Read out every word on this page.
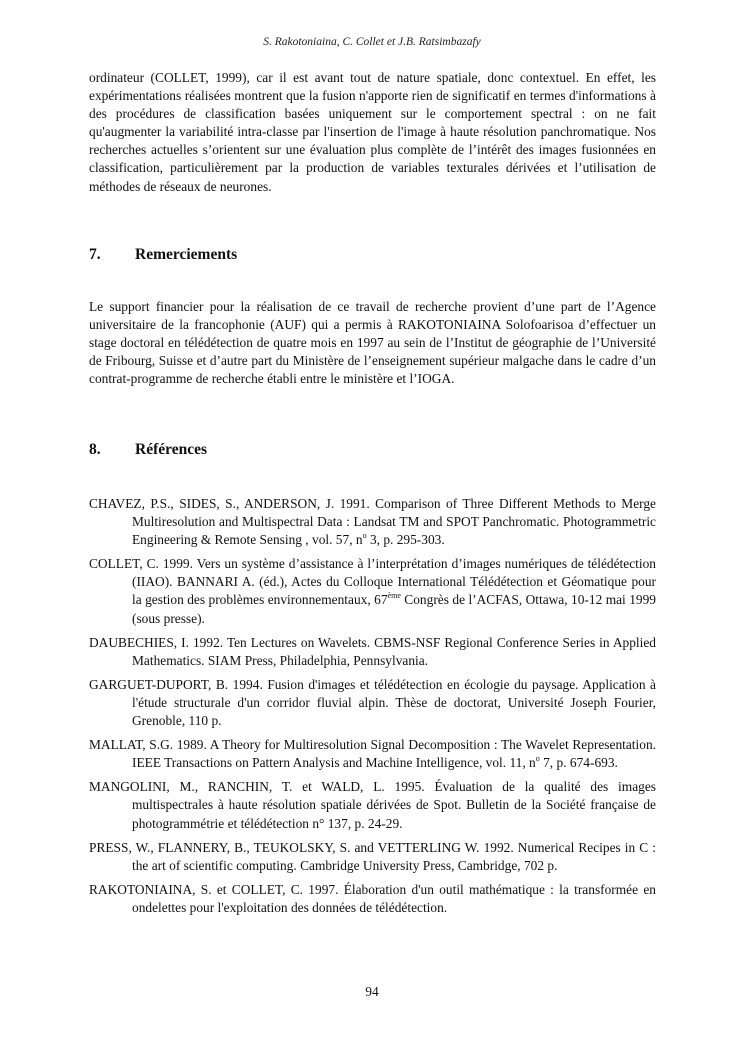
S. Rakotoniaina, C. Collet et J.B. Ratsimbazafy

ordinateur (COLLET, 1999), car il est avant tout de nature spatiale, donc contextuel. En effet, les expérimentations réalisées montrent que la fusion n'apporte rien de significatif en termes d'informations à des procédures de classification basées uniquement sur le comportement spectral : on ne fait qu'augmenter la variabilité intra-classe par l'insertion de l'image à haute résolution panchromatique. Nos recherches actuelles s’orientent sur une évaluation plus complète de l’intérêt des images fusionnées en classification, particulièrement par la production de variables texturales dérivées et l’utilisation de méthodes de réseaux de neurones.

7. Remerciements

Le support financier pour la réalisation de ce travail de recherche provient d’une part de l’Agence universitaire de la francophonie (AUF) qui a permis à RAKOTONIAINA Solofoarisoa d’effectuer un stage doctoral en télédétection de quatre mois en 1997 au sein de l’Institut de géographie de l’Université de Fribourg, Suisse et d’autre part du Ministère de l’enseignement supérieur malgache dans le cadre d’un contrat-programme de recherche établi entre le ministère et l’IOGA.

8. Références
CHAVEZ, P.S., SIDES, S., ANDERSON, J. 1991. Comparison of Three Different Methods to Merge Multiresolution and Multispectral Data : Landsat TM and SPOT Panchromatic. Photogrammetric Engineering & Remote Sensing , vol. 57, $n^o$ 3, p. 295-303.
COLLET, C. 1999. Vers un système d’assistance à l’interprétation d’images numériques de télédétection (IIAO). BANNARI A. (éd.), Actes du Colloque International Télédétection et Géomatique pour la gestion des problèmes environnementaux, 67ème Congrès de l’ACFAS, Ottawa, 10-12 mai 1999 (sous presse).
DAUBECHIES, I. 1992. Ten Lectures on Wavelets. CBMS-NSF Regional Conference Series in Applied Mathematics. SIAM Press, Philadelphia, Pennsylvania.
GARGUET-DUPORT, B. 1994. Fusion d'images et télédétection en écologie du paysage. Application à l'étude structurale d'un corridor fluvial alpin. Thèse de doctorat, Université Joseph Fourier, Grenoble, 110 p.
MALLAT, S.G. 1989. A Theory for Multiresolution Signal Decomposition : The Wavelet Representation. IEEE Transactions on Pattern Analysis and Machine Intelligence, vol. 11, $n^o$ 7, p. 674-693.
MANGOLINI, M., RANCHIN, T. et WALD, L. 1995. Évaluation de la qualité des images multispectrales à haute résolution spatiale dérivées de Spot. Bulletin de la Société française de photogrammétrie et télédétection n° 137, p. 24-29.
PRESS, W., FLANNERY, B., TEUKOLSKY, S. and VETTERLING W. 1992. Numerical Recipes in C : the art of scientific computing. Cambridge University Press, Cambridge, 702 p.
RAKOTONIAINA, S. et COLLET, C. 1997. Élaboration d'un outil mathématique : la transformée en ondelettes pour l'exploitation des données de télédétection.
94
